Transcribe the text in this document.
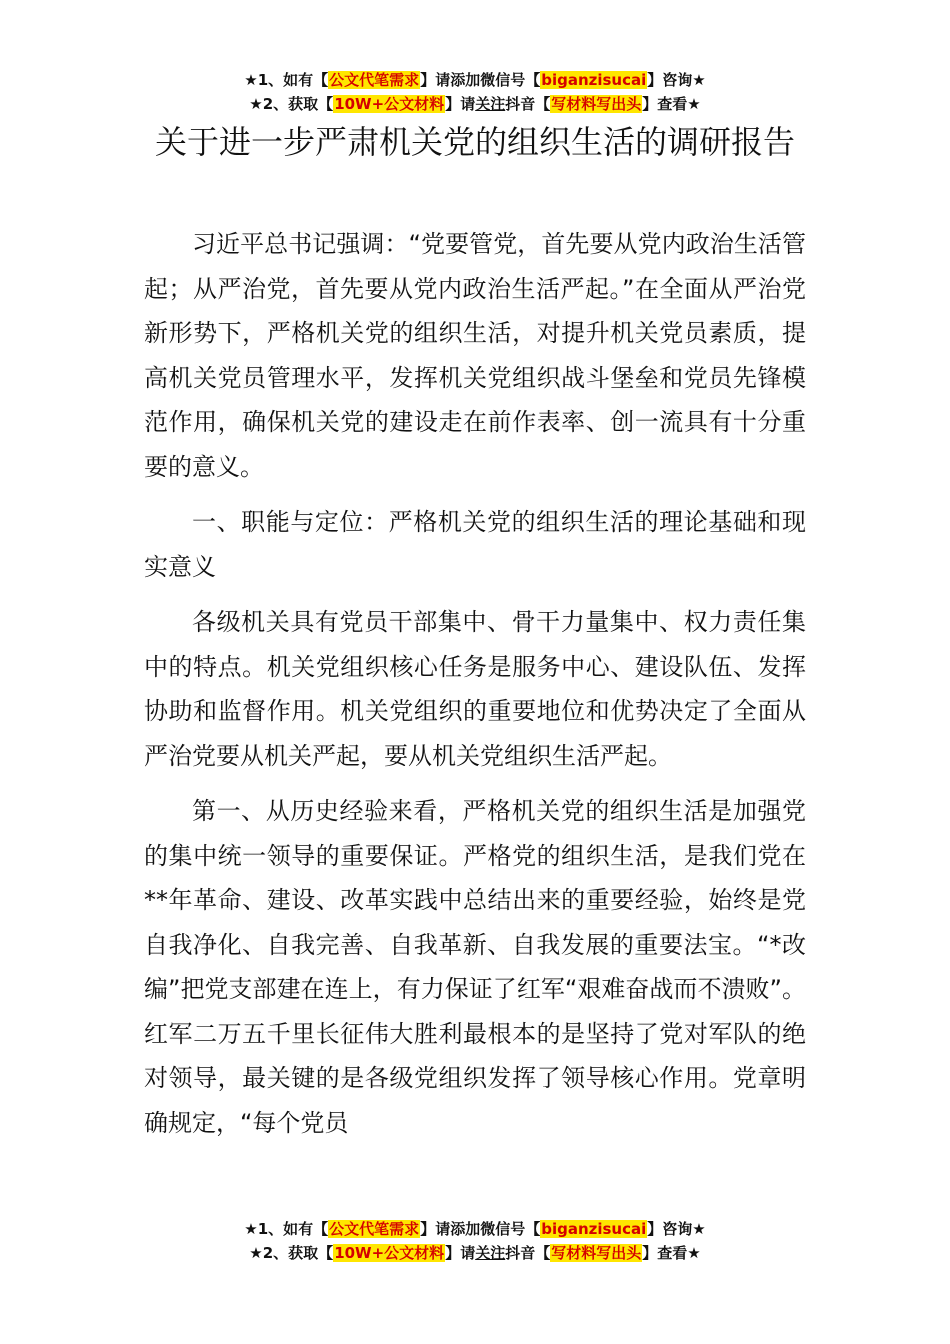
★1、如有【公文代笔需求】请添加微信号【biganzisucai】咨询★
★2、获取【10W+公文材料】请关注抖音【写材料写出头】查看★
关于进一步严肃机关党的组织生活的调研报告

习近平总书记强调：“党要管党，首先要从党内政治生活管起；从严治党，首先要从党内政治生活严起。”在全面从严治党新形势下，严格机关党的组织生活，对提升机关党员素质，提高机关党员管理水平，发挥机关党组织战斗堡垒和党员先锋模范作用，确保机关党的建设走在前作表率、创一流具有十分重要的意义。

一、职能与定位：严格机关党的组织生活的理论基础和现实意义

各级机关具有党员干部集中、骨干力量集中、权力责任集中的特点。机关党组织核心任务是服务中心、建设队伍、发挥协助和监督作用。机关党组织的重要地位和优势决定了全面从严治党要从机关严起，要从机关党组织生活严起。

第一、从历史经验来看，严格机关党的组织生活是加强党的集中统一领导的重要保证。严格党的组织生活，是我们党在**年革命、建设、改革实践中总结出来的重要经验，始终是党自我净化、自我完善、自我革新、自我发展的重要法宝。“*改编”把党支部建在连上，有力保证了红军“艰难奋战而不溃败”。红军二万五千里长征伟大胜利最根本的是坚持了党对军队的绝对领导，最关键的是各级党组织发挥了领导核心作用。党章明确规定，“每个党员

★1、如有【公文代笔需求】请添加微信号【biganzisucai】咨询★
★2、获取【10W+公文材料】请关注抖音【写材料写出头】查看★
